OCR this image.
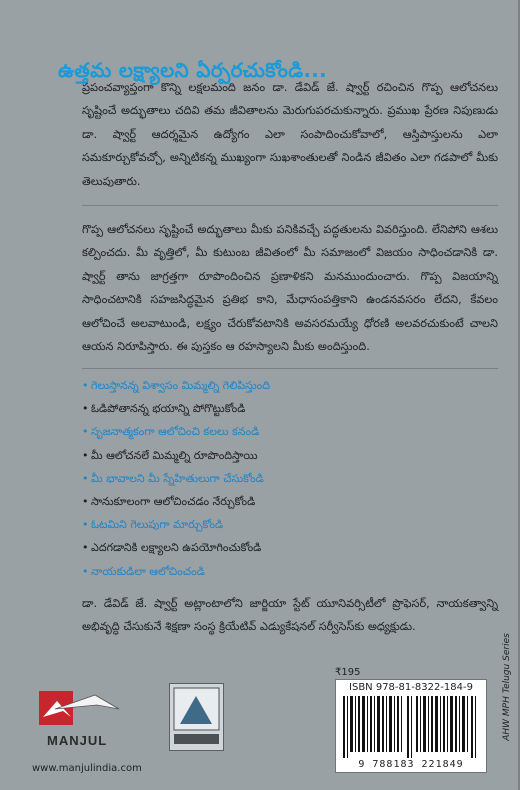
ఉత్తమ లక్ష్యాలని ఏర్పరచుకోండి...
ప్రపంచవ్యాప్తంగా కొన్ని లక్షలమంది జనం డా. డేవిడ్ జే. ష్వార్ట్ రచించిన గొప్ప ఆలోచనలు సృష్టించే అద్భుతాలు చదివి తమ జీవితాలను మెరుగుపరచుకున్నారు. ప్రముఖ ప్రేరణ నిపుణుడు డా. ష్వార్ట్ ఆదర్శమైన ఉద్యోగం ఎలా సంపాదించుకోవాలో, ఆస్తిపాస్తులను ఎలా సమకూర్చుకోవచ్చో, అన్నిటికన్న ముఖ్యంగా సుఖశాంతులతో నిండిన జీవితం ఎలా గడపాలో మీకు తెలుపుతారు.
గొప్ప ఆలోచనలు సృష్టించే అద్భుతాలు మీకు పనికివచ్చే పద్ధతులను వివరిస్తుంది. లేనిపోని ఆశలు కల్పించదు. మీ వృత్తిలో, మీ కుటుంబ జీవితంలో మీ సమాజంలో విజయం సాధించడానికి డా. ష్వార్ట్ తాను జాగ్రత్తగా రూపొందించిన ప్రణాళికని మనముందుంచారు. గొప్ప విజయాన్ని సాధించటానికి సహజసిద్ధమైన ప్రతిభ కాని, మేధాసంపత్తికాని ఉండనవసరం లేదని, కేవలం ఆలోచించే అలవాటుండి, లక్ష్యం చేరుకోవటానికి అవసరమయ్యే ధోరణి అలవరచుకుంటే చాలని ఆయన నిరూపిస్తారు. ఈ పుస్తకం ఆ రహస్యాలని మీకు అందిస్తుంది.
• గెలుస్తానన్న విశ్వాసం మిమ్మల్ని గెలిపిస్తుంది
• ఓడిపోతానన్న భయాన్ని పోగొట్టుకోండి
• సృజనాత్మకంగా ఆలోచించి కలలు కనండి
• మీ ఆలోచనలే మిమ్మల్ని రూపొందిస్తాయి
• మీ భావాలని మీ స్నేహితులుగా చేసుకోండి
• సానుకూలంగా ఆలోచించడం నేర్చుకోండి
• ఓటమిని గెలుపుగా మార్చుకోండి
• ఎదగడానికి లక్ష్యాలని ఉపయోగించుకోండి
• నాయకుడిలా ఆలోచించండి
డా. డేవిడ్ జే. ష్వార్ట్ అట్లాంటాలోని జార్జియా స్టేట్ యూనివర్సిటీలో ప్రొఫెసర్, నాయకత్వాన్ని అభివృద్ధి చేసుకునే శిక్షణా సంస్థ క్రియేటివ్ ఎడ్యుకేషనల్ సర్వీసెస్‌కు అధ్యక్షుడు.
MANJUL
₹195
ISBN 978-81-8322-184-9
9 788183 221849
AHW MPH Telugu Series
www.manjulindia.com
